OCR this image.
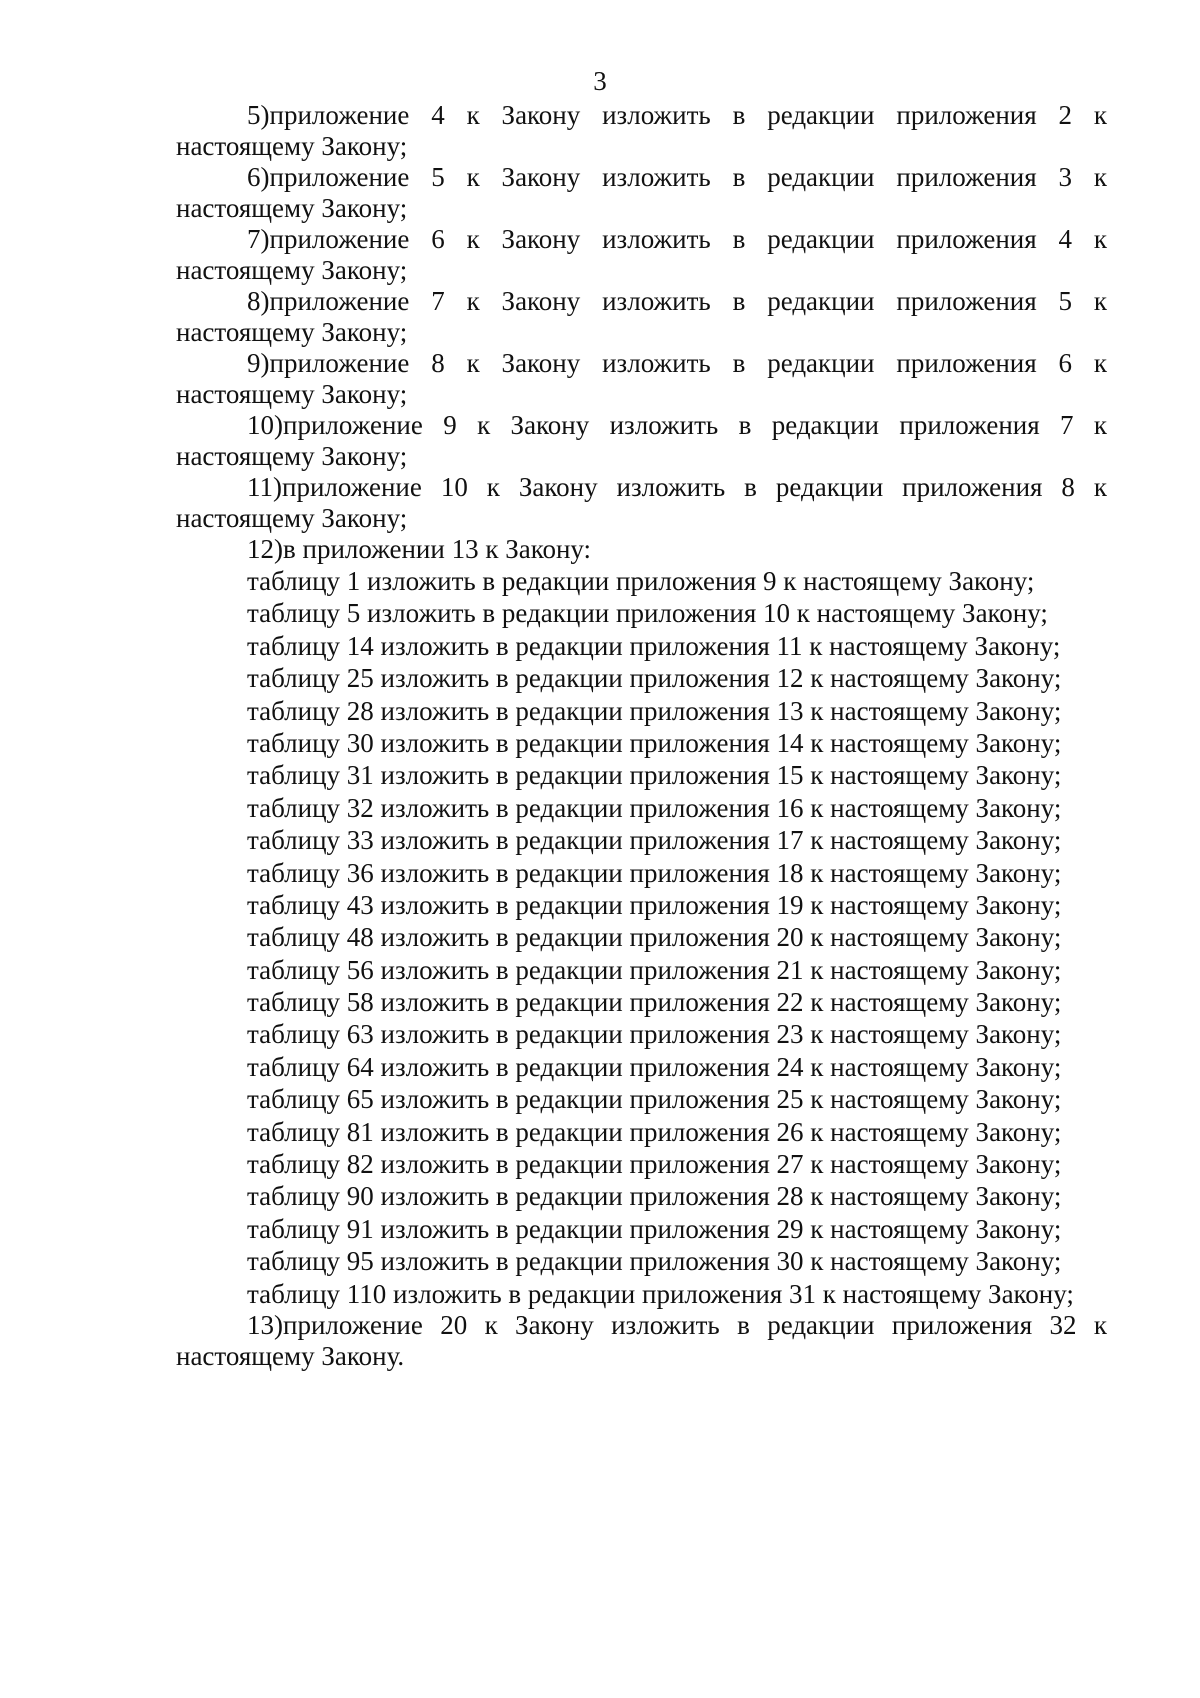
3

5)приложение 4 к Закону изложить в редакции приложения 2 к
настоящему Закону;

6)приложение 5 к Закону изложить в редакции приложения 3 к
настоящему Закону;

7)приложение 6 к Закону изложить в редакции приложения 4 к
настоящему Закону;

8)приложение 7 к Закону изложить в редакции приложения 5 к
настоящему Закону;

9)приложение 8 к Закону изложить в редакции приложения 6 к
настоящему Закону;

10)приложение 9 к Закону изложить в редакции приложения 7 к
настоящему Закону;

11)приложение 10 к Закону изложить в редакции приложения 8 к
настоящему Закону;

12)в приложении 13 к Закону:

таблицу 1 изложить в редакции приложения 9 к настоящему Закону;
таблицу 5 изложить в редакции приложения 10 к настоящему Закону;
таблицу 14 изложить в редакции приложения 11 к настоящему Закону;
таблицу 25 изложить в редакции приложения 12 к настоящему Закону;
таблицу 28 изложить в редакции приложения 13 к настоящему Закону;
таблицу 30 изложить в редакции приложения 14 к настоящему Закону;
таблицу 31 изложить в редакции приложения 15 к настоящему Закону;
таблицу 32 изложить в редакции приложения 16 к настоящему Закону;
таблицу 33 изложить в редакции приложения 17 к настоящему Закону;
таблицу 36 изложить в редакции приложения 18 к настоящему Закону;
таблицу 43 изложить в редакции приложения 19 к настоящему Закону;
таблицу 48 изложить в редакции приложения 20 к настоящему Закону;
таблицу 56 изложить в редакции приложения 21 к настоящему Закону;
таблицу 58 изложить в редакции приложения 22 к настоящему Закону;
таблицу 63 изложить в редакции приложения 23 к настоящему Закону;
таблицу 64 изложить в редакции приложения 24 к настоящему Закону;
таблицу 65 изложить в редакции приложения 25 к настоящему Закону;
таблицу 81 изложить в редакции приложения 26 к настоящему Закону;
таблицу 82 изложить в редакции приложения 27 к настоящему Закону;
таблицу 90 изложить в редакции приложения 28 к настоящему Закону;
таблицу 91 изложить в редакции приложения 29 к настоящему Закону;
таблицу 95 изложить в редакции приложения 30 к настоящему Закону;
таблицу 110 изложить в редакции приложения 31 к настоящему Закону;

13)приложение 20 к Закону изложить в редакции приложения 32 к
настоящему Закону.
